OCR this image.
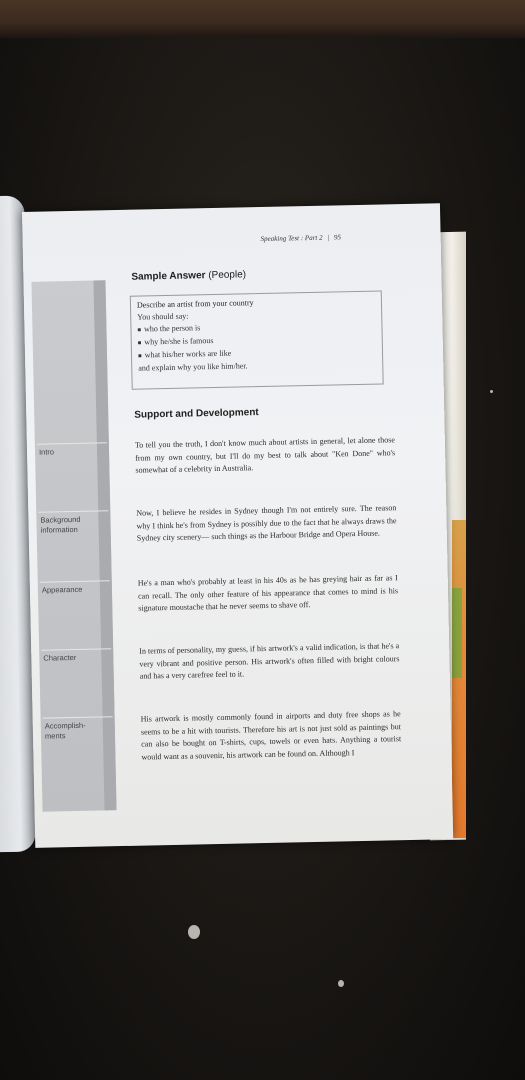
Speaking Test : Part 2 | 95
Sample Answer (People)
Describe an artist from your country
You should say:
■ who the person is
■ why he/she is famous
■ what his/her works are like
and explain why you like him/her.
Support and Development
Intro
To tell you the truth, I don't know much about artists in general, let alone those from my own country, but I'll do my best to talk about "Ken Done" who's somewhat of a celebrity in Australia.
Background information
Now, I believe he resides in Sydney though I'm not entirely sure. The reason why I think he's from Sydney is possibly due to the fact that he always draws the Sydney city scenery— such things as the Harbour Bridge and Opera House.
Appearance
He's a man who's probably at least in his 40s as he has greying hair as far as I can recall. The only other feature of his appearance that comes to mind is his signature moustache that he never seems to shave off.
Character
In terms of personality, my guess, if his artwork's a valid indication, is that he's a very vibrant and positive person. His artwork's often filled with bright colours and has a very carefree feel to it.
Accomplish-ments
His artwork is mostly commonly found in airports and duty free shops as he seems to be a hit with tourists. Therefore his art is not just sold as paintings but can also be bought on T-shirts, cups, towels or even hats. Anything a tourist would want as a souvenir, his artwork can be found on. Although I
